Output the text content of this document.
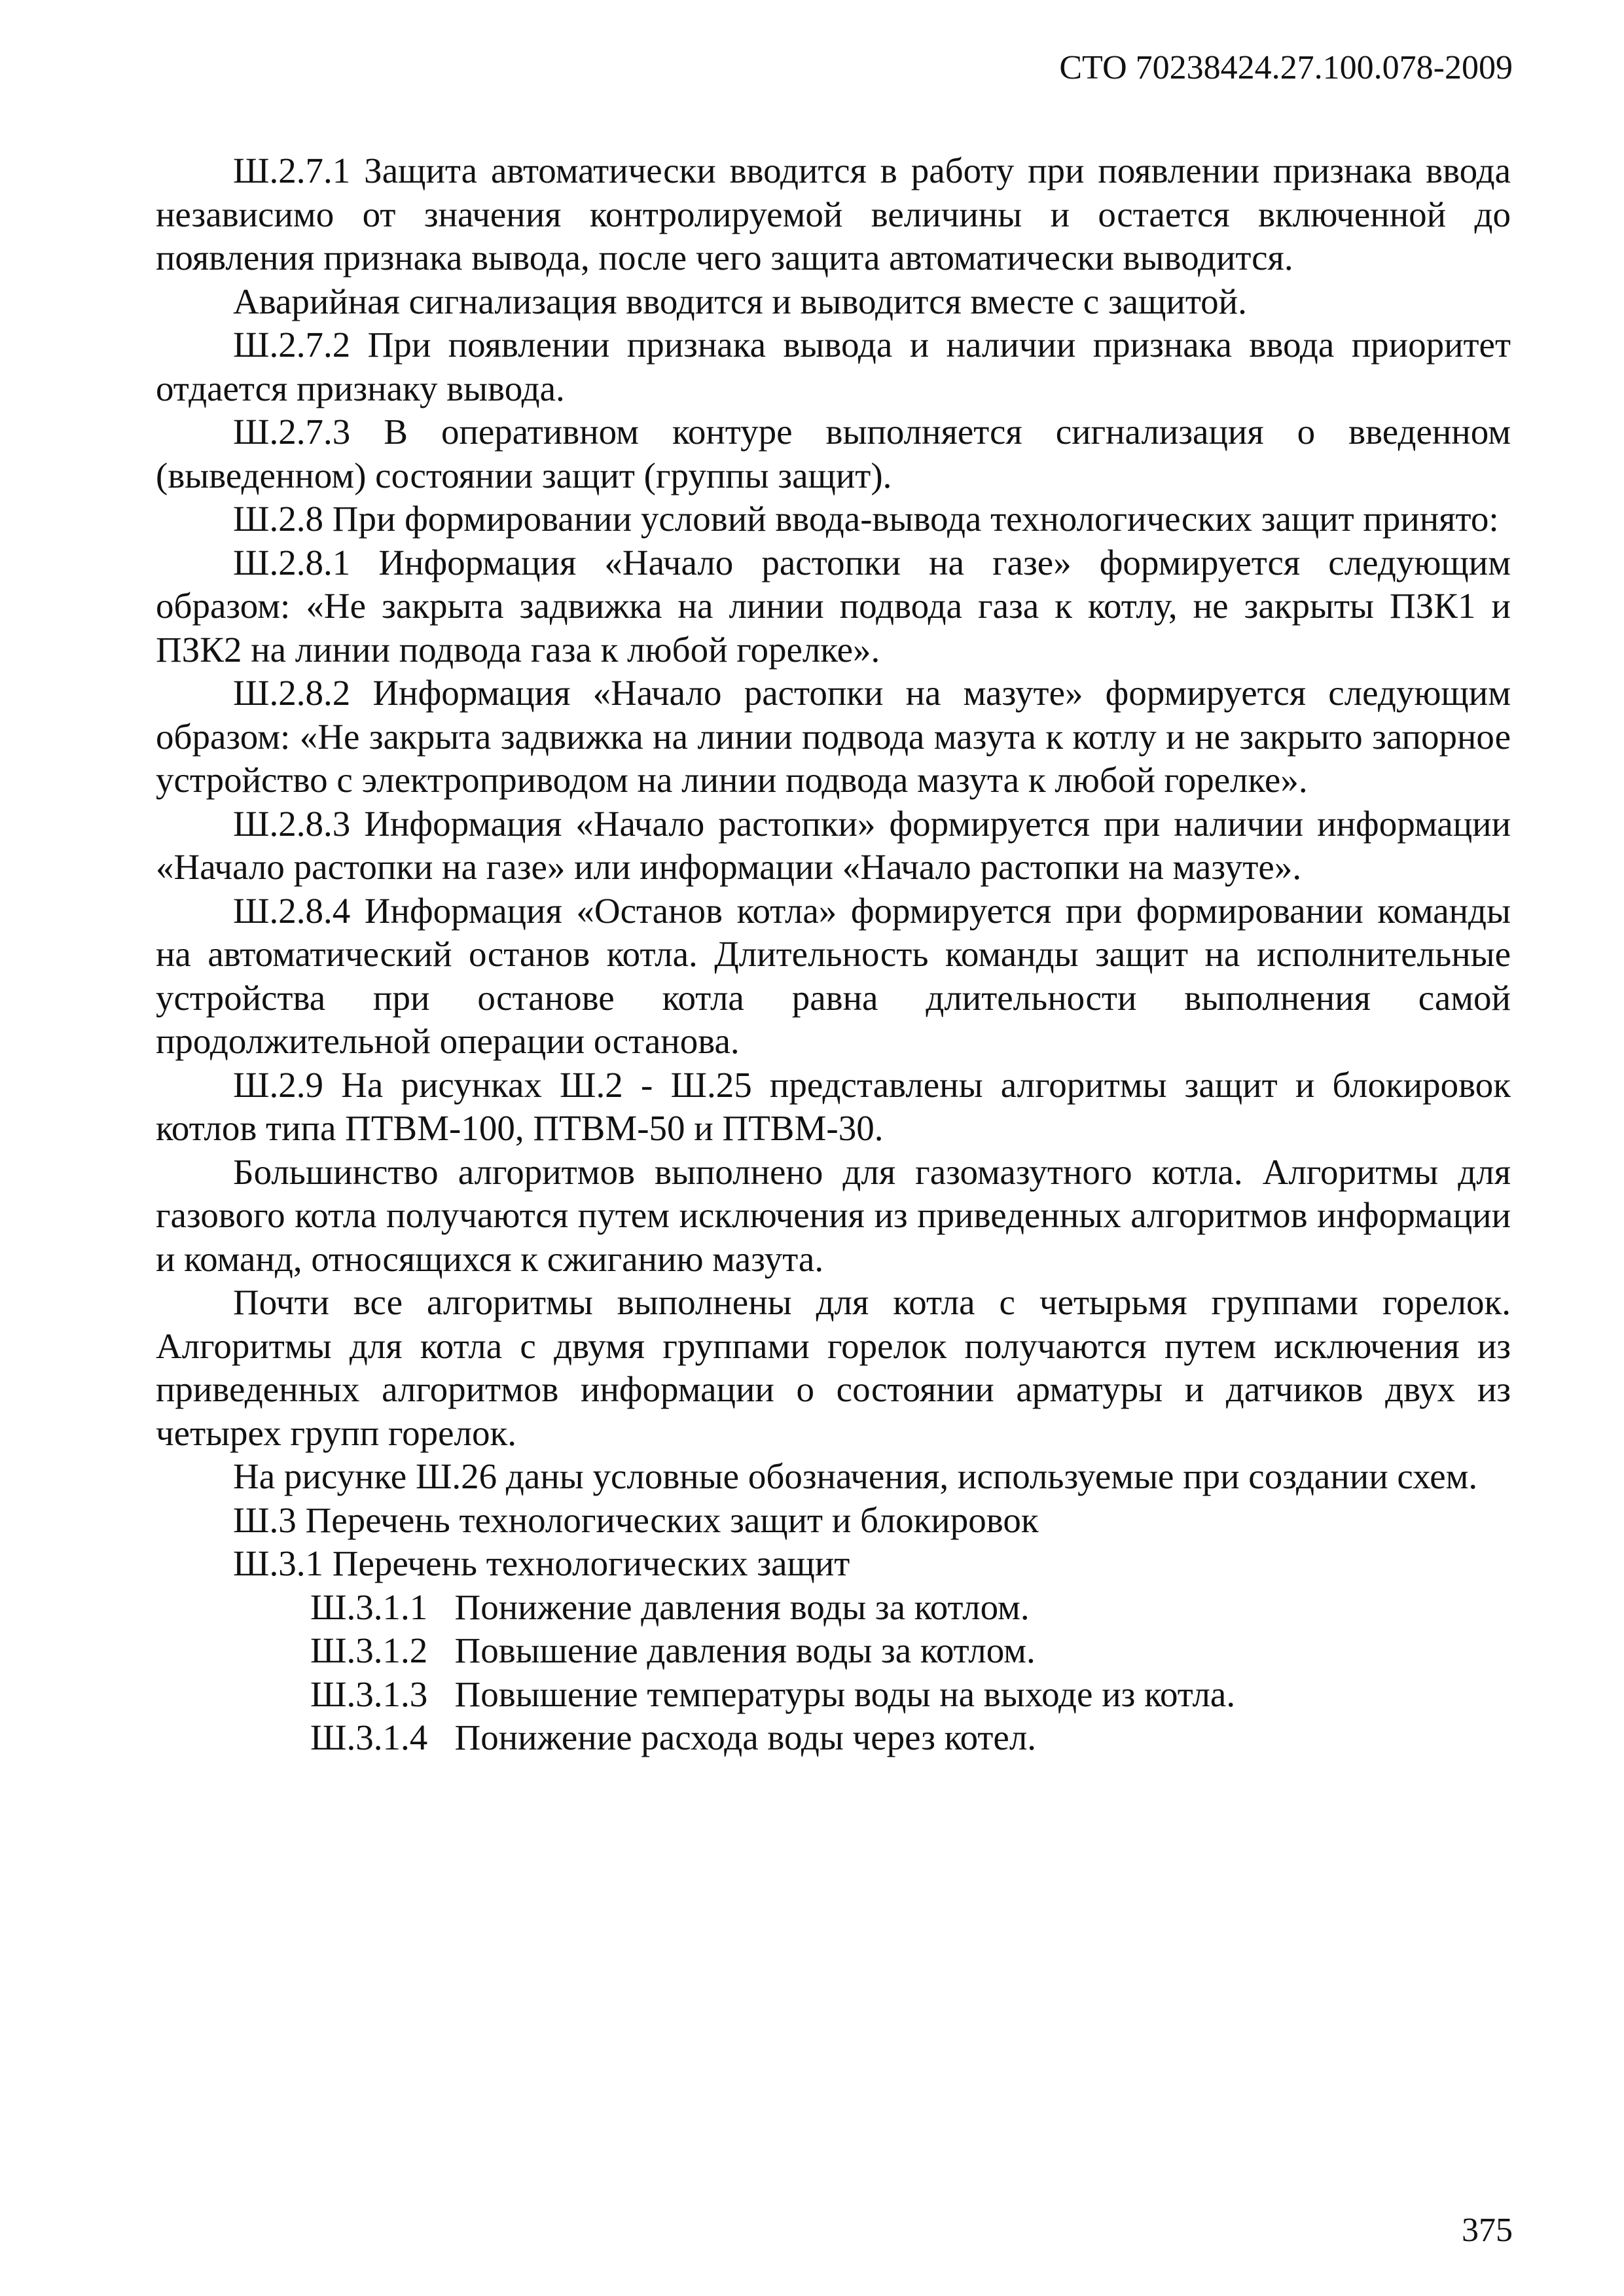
СТО 70238424.27.100.078-2009

Ш.2.7.1 Защита автоматически вводится в работу при появлении признака ввода независимо от значения контролируемой величины и остается включенной до появления признака вывода, после чего защита автоматически выводится.

Аварийная сигнализация вводится и выводится вместе с защитой.

Ш.2.7.2 При появлении признака вывода и наличии признака ввода приоритет отдается признаку вывода.

Ш.2.7.3 В оперативном контуре выполняется сигнализация о введенном (выведенном) состоянии защит (группы защит).

Ш.2.8 При формировании условий ввода-вывода технологических защит принято:

Ш.2.8.1 Информация «Начало растопки на газе» формируется следующим образом: «Не закрыта задвижка на линии подвода газа к котлу, не закрыты ПЗК1 и ПЗК2 на линии подвода газа к любой горелке».

Ш.2.8.2 Информация «Начало растопки на мазуте» формируется следующим образом: «Не закрыта задвижка на линии подвода мазута к котлу и не закрыто запорное устройство с электроприводом на линии подвода мазута к любой горелке».

Ш.2.8.3 Информация «Начало растопки» формируется при наличии информации «Начало растопки на газе» или информации «Начало растопки на мазуте».

Ш.2.8.4 Информация «Останов котла» формируется при формировании команды на автоматический останов котла. Длительность команды защит на исполнительные устройства при останове котла равна длительности выполнения самой продолжительной операции останова.

Ш.2.9 На рисунках Ш.2 - Ш.25 представлены алгоритмы защит и блокировок котлов типа ПТВМ-100, ПТВМ-50 и ПТВМ-30.

Большинство алгоритмов выполнено для газомазутного котла. Алгоритмы для газового котла получаются путем исключения из приведенных алгоритмов информации и команд, относящихся к сжиганию мазута.

Почти все алгоритмы выполнены для котла с четырьмя группами горелок. Алгоритмы для котла с двумя группами горелок получаются путем исключения из приведенных алгоритмов информации о состоянии арматуры и датчиков двух из четырех групп горелок.

На рисунке Ш.26 даны условные обозначения, используемые при создании схем.

Ш.3 Перечень технологических защит и блокировок

Ш.3.1 Перечень технологических защит

Ш.3.1.1 Понижение давления воды за котлом.

Ш.3.1.2 Повышение давления воды за котлом.

Ш.3.1.3 Повышение температуры воды на выходе из котла.

Ш.3.1.4 Понижение расхода воды через котел.

375
